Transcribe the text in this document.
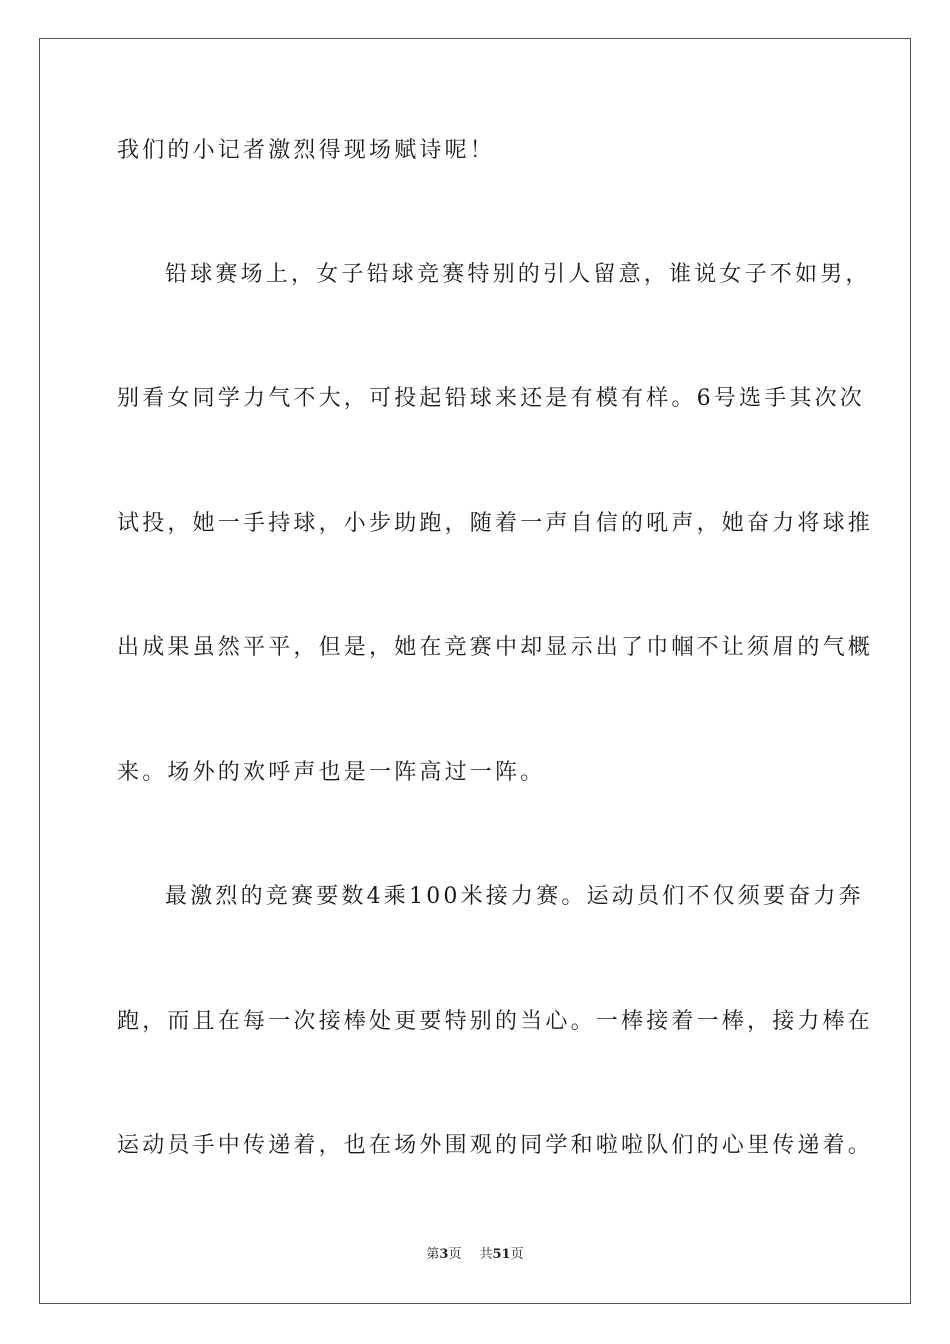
我们的小记者激烈得现场赋诗呢！
铅球赛场上，女子铅球竞赛特别的引人留意，谁说女子不如男，
别看女同学力气不大，可投起铅球来还是有模有样。6号选手其次次
试投，她一手持球，小步助跑，随着一声自信的吼声，她奋力将球推
出成果虽然平平，但是，她在竞赛中却显示出了巾帼不让须眉的气概
来。场外的欢呼声也是一阵高过一阵。
最激烈的竞赛要数4乘100米接力赛。运动员们不仅须要奋力奔
跑，而且在每一次接棒处更要特别的当心。一棒接着一棒，接力棒在
运动员手中传递着，也在场外围观的同学和啦啦队们的心里传递着。
第3页 共51页
